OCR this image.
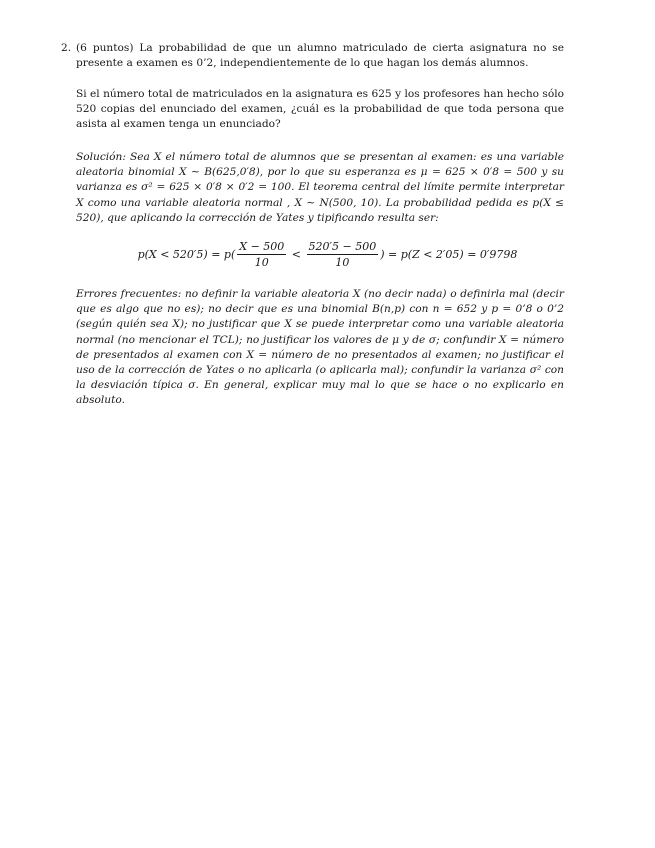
2. (6 puntos) La probabilidad de que un alumno matriculado de cierta asignatura no se presente a examen es 0’2, independientemente de lo que hagan los demás alumnos.
Si el número total de matriculados en la asignatura es 625 y los profesores han hecho sólo 520 copias del enunciado del examen, ¿cuál es la probabilidad de que toda persona que asista al examen tenga un enunciado?
Solución: Sea X el número total de alumnos que se presentan al examen: es una variable aleatoria binomial X ∼ B(625,0′8), por lo que su esperanza es μ = 625 × 0′8 = 500 y su varianza es σ² = 625 × 0′8 × 0′2 = 100. El teorema central del límite permite interpretar X como una variable aleatoria normal , X ∼ N(500, 10). La probabilidad pedida es p(X ≤ 520), que aplicando la corrección de Yates y tipificando resulta ser:
$p(X < 520'5) = p( \frac{X - 500}{10} < \frac{520'5 - 500}{10}$ ) = p(Z < 2′05) = 0′9798
Errores frecuentes: no definir la variable aleatoria X (no decir nada) o definirla mal (decir que es algo que no es); no decir que es una binomial B(n,p) con n = 652 y p = 0’8 o 0’2 (según quién sea X); no justificar que X se puede interpretar como una variable aleatoria normal (no mencionar el TCL); no justificar los valores de μ y de σ; confundir X = número de presentados al examen con X = número de no presentados al examen; no justificar el uso de la corrección de Yates o no aplicarla (o aplicarla mal); confundir la varianza σ² con la desviación típica σ. En general, explicar muy mal lo que se hace o no explicarlo en absoluto.
